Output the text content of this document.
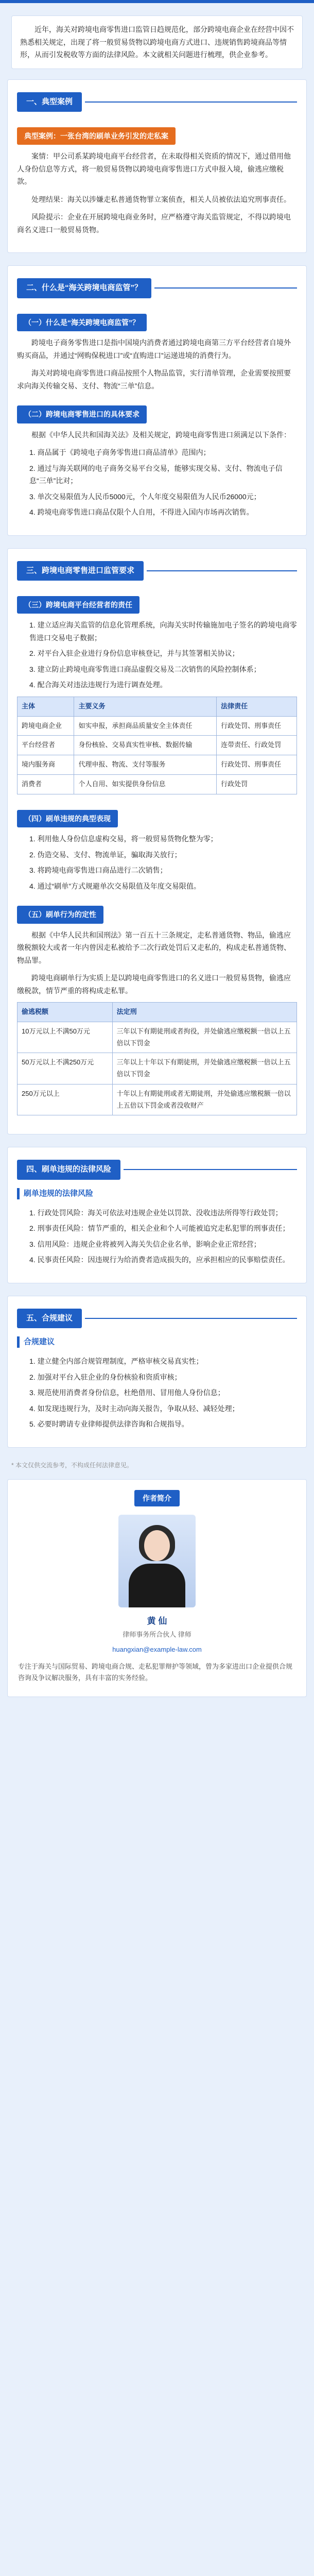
近年，海关对跨境电商零售进口监管日趋规范化，部分跨境电商企业在经营中因不熟悉相关规定，出现了将一般贸易货物以跨境电商方式进口、违规销售跨境商品等情形，从而引发税收等方面的法律风险。本文就相关问题进行梳理，供企业参考。
一、典型案例
典型案例：一张台湾的刷单业务引发的走私案

案情：甲公司系某跨境电商平台经营者，在未取得相关资质的情况下，通过借用他人身份信息等方式，将一般贸易货物以跨境电商零售进口方式申报入境，偷逃应缴税款。

处理结果：海关以涉嫌走私普通货物罪立案侦查，相关人员被依法追究刑事责任。

风险提示：企业在开展跨境电商业务时，应严格遵守海关监管规定，不得以跨境电商名义进口一般贸易货物。

二、什么是“海关跨境电商监管”？
（一）什么是“海关跨境电商监管”？

跨境电子商务零售进口是指中国境内消费者通过跨境电商第三方平台经营者自境外购买商品，并通过“网购保税进口”或“直购进口”运递进境的消费行为。

海关对跨境电商零售进口商品按照个人物品监管，实行清单管理，企业需要按照要求向海关传输交易、支付、物流“三单”信息。

（二）跨境电商零售进口的具体要求

根据《中华人民共和国海关法》及相关规定，跨境电商零售进口须满足以下条件：

1. 商品属于《跨境电子商务零售进口商品清单》范围内；
2. 通过与海关联网的电子商务交易平台交易，能够实现交易、支付、物流电子信息“三单”比对；
3. 单次交易限值为人民币5000元，个人年度交易限值为人民币26000元；
4. 跨境电商零售进口商品仅限个人自用，不得进入国内市场再次销售。
三、跨境电商零售进口监管要求
（三）跨境电商平台经营者的责任
1. 建立适应海关监管的信息化管理系统，向海关实时传输施加电子签名的跨境电商零售进口交易电子数据；
2. 对平台入驻企业进行身份信息审核登记，并与其签署相关协议；
3. 建立防止跨境电商零售进口商品虚假交易及二次销售的风险控制体系；
4. 配合海关对违法违规行为进行调查处理。
主体	主要义务	法律责任
跨境电商企业	如实申报，承担商品质量安全主体责任	行政处罚、刑事责任
平台经营者	身份核验、交易真实性审核、数据传输	连带责任、行政处罚
境内服务商	代理申报、物流、支付等服务	行政处罚、刑事责任
消费者	个人自用、如实提供身份信息	行政处罚
（四）刷单违规的典型表现
1. 利用他人身份信息虚构交易，将一般贸易货物化整为零；
2. 伪造交易、支付、物流单证，骗取海关放行；
3. 将跨境电商零售进口商品进行二次销售；
4. 通过“刷单”方式规避单次交易限值及年度交易限值。
（五）刷单行为的定性

根据《中华人民共和国刑法》第一百五十三条规定，走私普通货物、物品，偷逃应缴税额较大或者一年内曾因走私被给予二次行政处罚后又走私的，构成走私普通货物、物品罪。

跨境电商刷单行为实质上是以跨境电商零售进口的名义进口一般贸易货物，偷逃应缴税款，情节严重的将构成走私罪。

偷逃税额	法定刑
10万元以上不满50万元	三年以下有期徒刑或者拘役，并处偷逃应缴税额一倍以上五倍以下罚金
50万元以上不满250万元	三年以上十年以下有期徒刑，并处偷逃应缴税额一倍以上五倍以下罚金
250万元以上	十年以上有期徒刑或者无期徒刑，并处偷逃应缴税额一倍以上五倍以下罚金或者没收财产
四、刷单违规的法律风险
刷单违规的法律风险
1. 行政处罚风险：海关可依法对违规企业处以罚款、没收违法所得等行政处罚；
2. 刑事责任风险：情节严重的，相关企业和个人可能被追究走私犯罪的刑事责任；
3. 信用风险：违规企业将被列入海关失信企业名单，影响企业正常经营；
4. 民事责任风险：因违规行为给消费者造成损失的，应承担相应的民事赔偿责任。
五、合规建议
合规建议
1. 建立健全内部合规管理制度，严格审核交易真实性；
2. 加强对平台入驻企业的身份核验和资质审核；
3. 规范使用消费者身份信息，杜绝借用、冒用他人身份信息；
4. 如发现违规行为，及时主动向海关报告，争取从轻、减轻处理；
5. 必要时聘请专业律师提供法律咨询和合规指导。
* 本文仅供交流参考，不构成任何法律意见。
作者简介
黄 仙
律师事务所合伙人 律师
huangxian@example-law.com
专注于海关与国际贸易、跨境电商合规、走私犯罪辩护等领域，曾为多家进出口企业提供合规咨询及争议解决服务，具有丰富的实务经验。
